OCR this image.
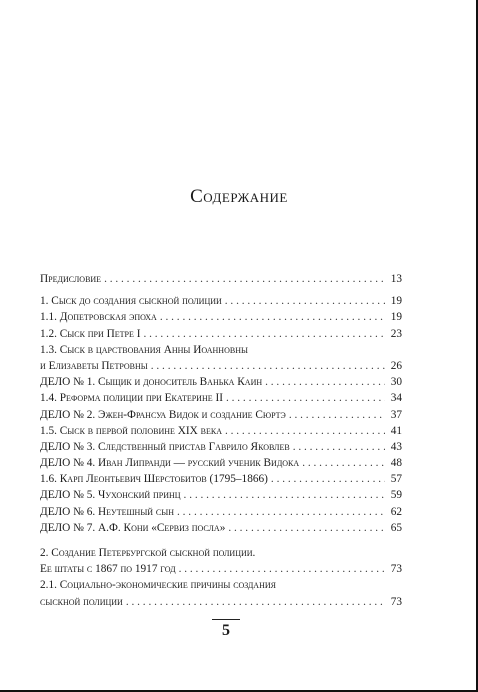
Содержание
Предисловие . . .	13
1. Сыск до создания сыскной полиции . . .	19
1.1. Допетровская эпоха . . .	19
1.2. Сыск при Петре I . . .	23
1.3. Сыск в царствования Анны Иоанновны
и Елизаветы Петровны . . .	26
ДЕЛО № 1. Сыщик и доноситель Ванька Каин . . .	30
1.4. Реформа полиции при Екатерине II . . .	34
ДЕЛО № 2. Эжен-Франсуа Видок и создание Сюртэ . . .	37
1.5. Сыск в первой половине XIX века . . .	41
ДЕЛО № 3. Следственный пристав Гаврило Яковлев . . .	43
ДЕЛО № 4. Иван Липранди — русский ученик Видока . . .	48
1.6. Карп Леонтьевич Шерстобитов (1795–1866) . . .	57
ДЕЛО № 5. Чухонский принц . . .	59
ДЕЛО № 6. Неутешный сын . . .	62
ДЕЛО № 7. А.Ф. Кони «Сервиз посла» . . .	65
2. Создание Петербургской сыскной полиции.
Ее штаты с 1867 по 1917 год . . .	73
2.1. Социально-экономические причины создания
сыскной полиции . . .	73
5
